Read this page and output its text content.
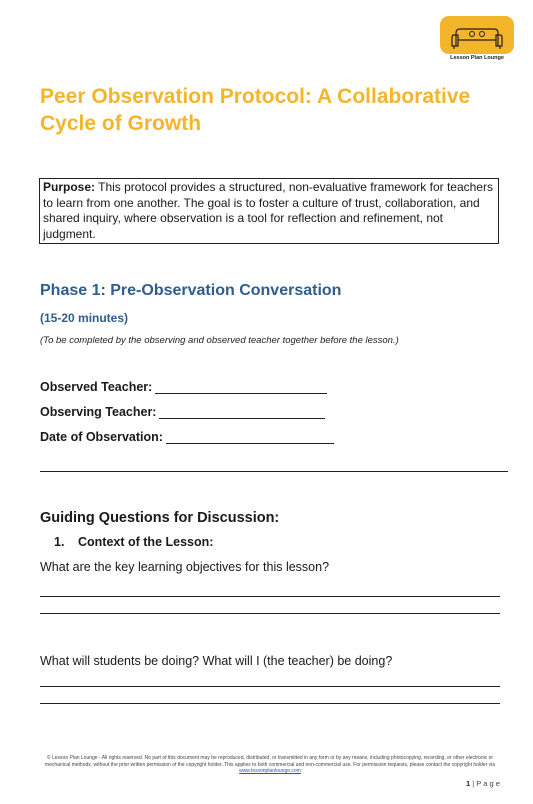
Lesson Plan Lounge
Peer Observation Protocol: A Collaborative Cycle of Growth
Purpose: This protocol provides a structured, non-evaluative framework for teachers to learn from one another. The goal is to foster a culture of trust, collaboration, and shared inquiry, where observation is a tool for reflection and refinement, not judgment.
Phase 1: Pre-Observation Conversation
(15-20 minutes)
(To be completed by the observing and observed teacher together before the lesson.)
Observed Teacher:
Observing Teacher:
Date of Observation:
Guiding Questions for Discussion:
1. Context of the Lesson:
What are the key learning objectives for this lesson?
What will students be doing? What will I (the teacher) be doing?
© Lesson Plan Lounge - All rights reserved. No part of this document may be reproduced, distributed, or transmitted in any form or by any means, including photocopying, recording, or other electronic or mechanical methods, without the prior written permission of the copyright holder. This applies to both commercial and non-commercial use. For permission requests, please contact the copyright holder via
www.lessonplanlounge.com
1 | P a g e
